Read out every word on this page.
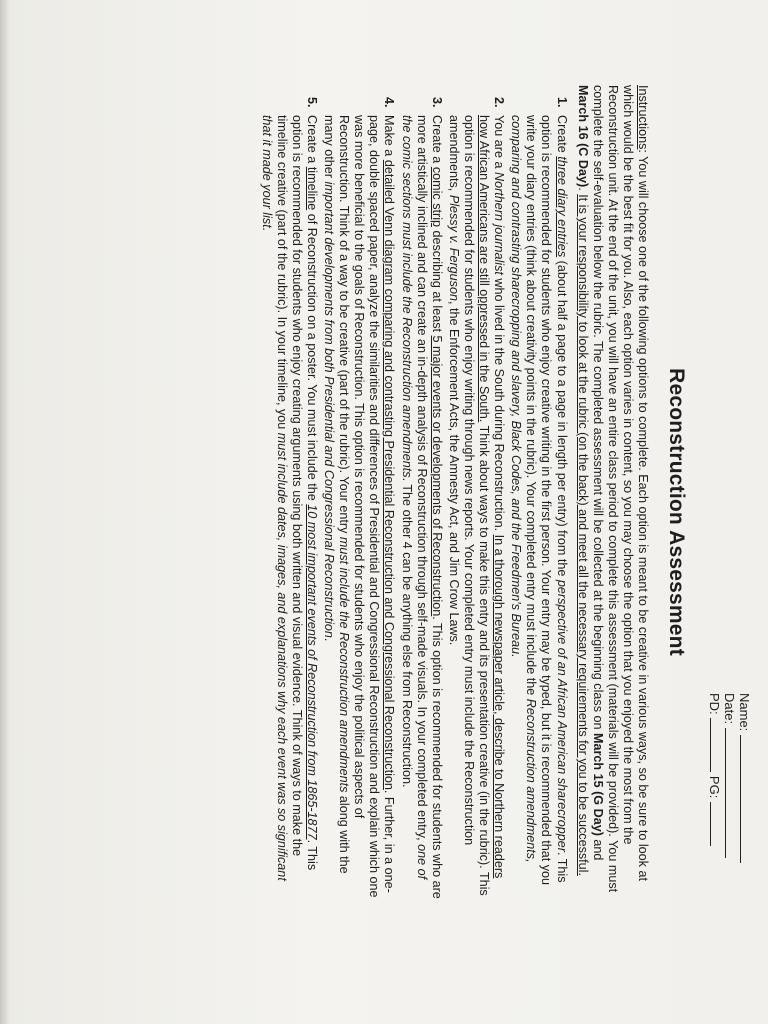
Name:
Date:
PD:  PG:
Reconstruction Assessment

Instructions: You will choose one of the following options to complete. Each option is meant to be creative in various ways, so be sure to look at which would be the best fit for you. Also, each option varies in content, so you may choose the option that you enjoyed the most from the Reconstruction unit. At the end of the unit, you will have an entire class period to complete this assessment (materials will be provided). You must complete the self-evaluation below the rubric. The completed assessment will be collected at the beginning class on March 15 (G Day) and March 16 (C Day). It is your responsibility to look at the rubric (on the back) and meet all the necessary requirements for you to be successful.

1. Create three diary entries (about half a page to a page in length per entry) from the perspective of an African American sharecropper. This option is recommended for students who enjoy creative writing in the first person. Your entry may be typed, but it is recommended that you write your diary entries (think about creativity points in the rubric). Your completed entry must include the Reconstruction amendments, comparing and contrasting sharecropping and slavery, Black Codes, and the Freedmen's Bureau.
2. You are a Northern journalist who lived in the South during Reconstruction. In a thorough newspaper article, describe to Northern readers how African Americans are still oppressed in the South. Think about ways to make this entry and its presentation creative (in the rubric). This option is recommended for students who enjoy writing through news reports. Your completed entry must include the Reconstruction amendments, Plessy v. Ferguson, the Enforcement Acts, the Amnesty Act, and Jim Crow Laws.
3. Create a comic strip describing at least 5 major events or developments of Reconstruction. This option is recommended for students who are more artistically inclined and can create an in-depth analysis of Reconstruction through self-made visuals. In your completed entry, one of the comic sections must include the Reconstruction amendments. The other 4 can be anything else from Reconstruction.
4. Make a detailed Venn diagram comparing and contrasting Presidential Reconstruction and Congressional Reconstruction. Further, in a one-page, double spaced paper, analyze the similarities and differences of Presidential and Congressional Reconstruction and explain which one was more beneficial to the goals of Reconstruction. This option is recommended for students who enjoy the political aspects of Reconstruction. Think of a way to be creative (part of the rubric). Your entry must include the Reconstruction amendments along with the many other important developments from both Presidential and Congressional Reconstruction.
5. Create a timeline of Reconstruction on a poster. You must include the 10 most important events of Reconstruction from 1865-1877. This option is recommended for students who enjoy creating arguments using both written and visual evidence. Think of ways to make the timeline creative (part of the rubric). In your timeline, you must include dates, images, and explanations why each event was so significant that it made your list.
